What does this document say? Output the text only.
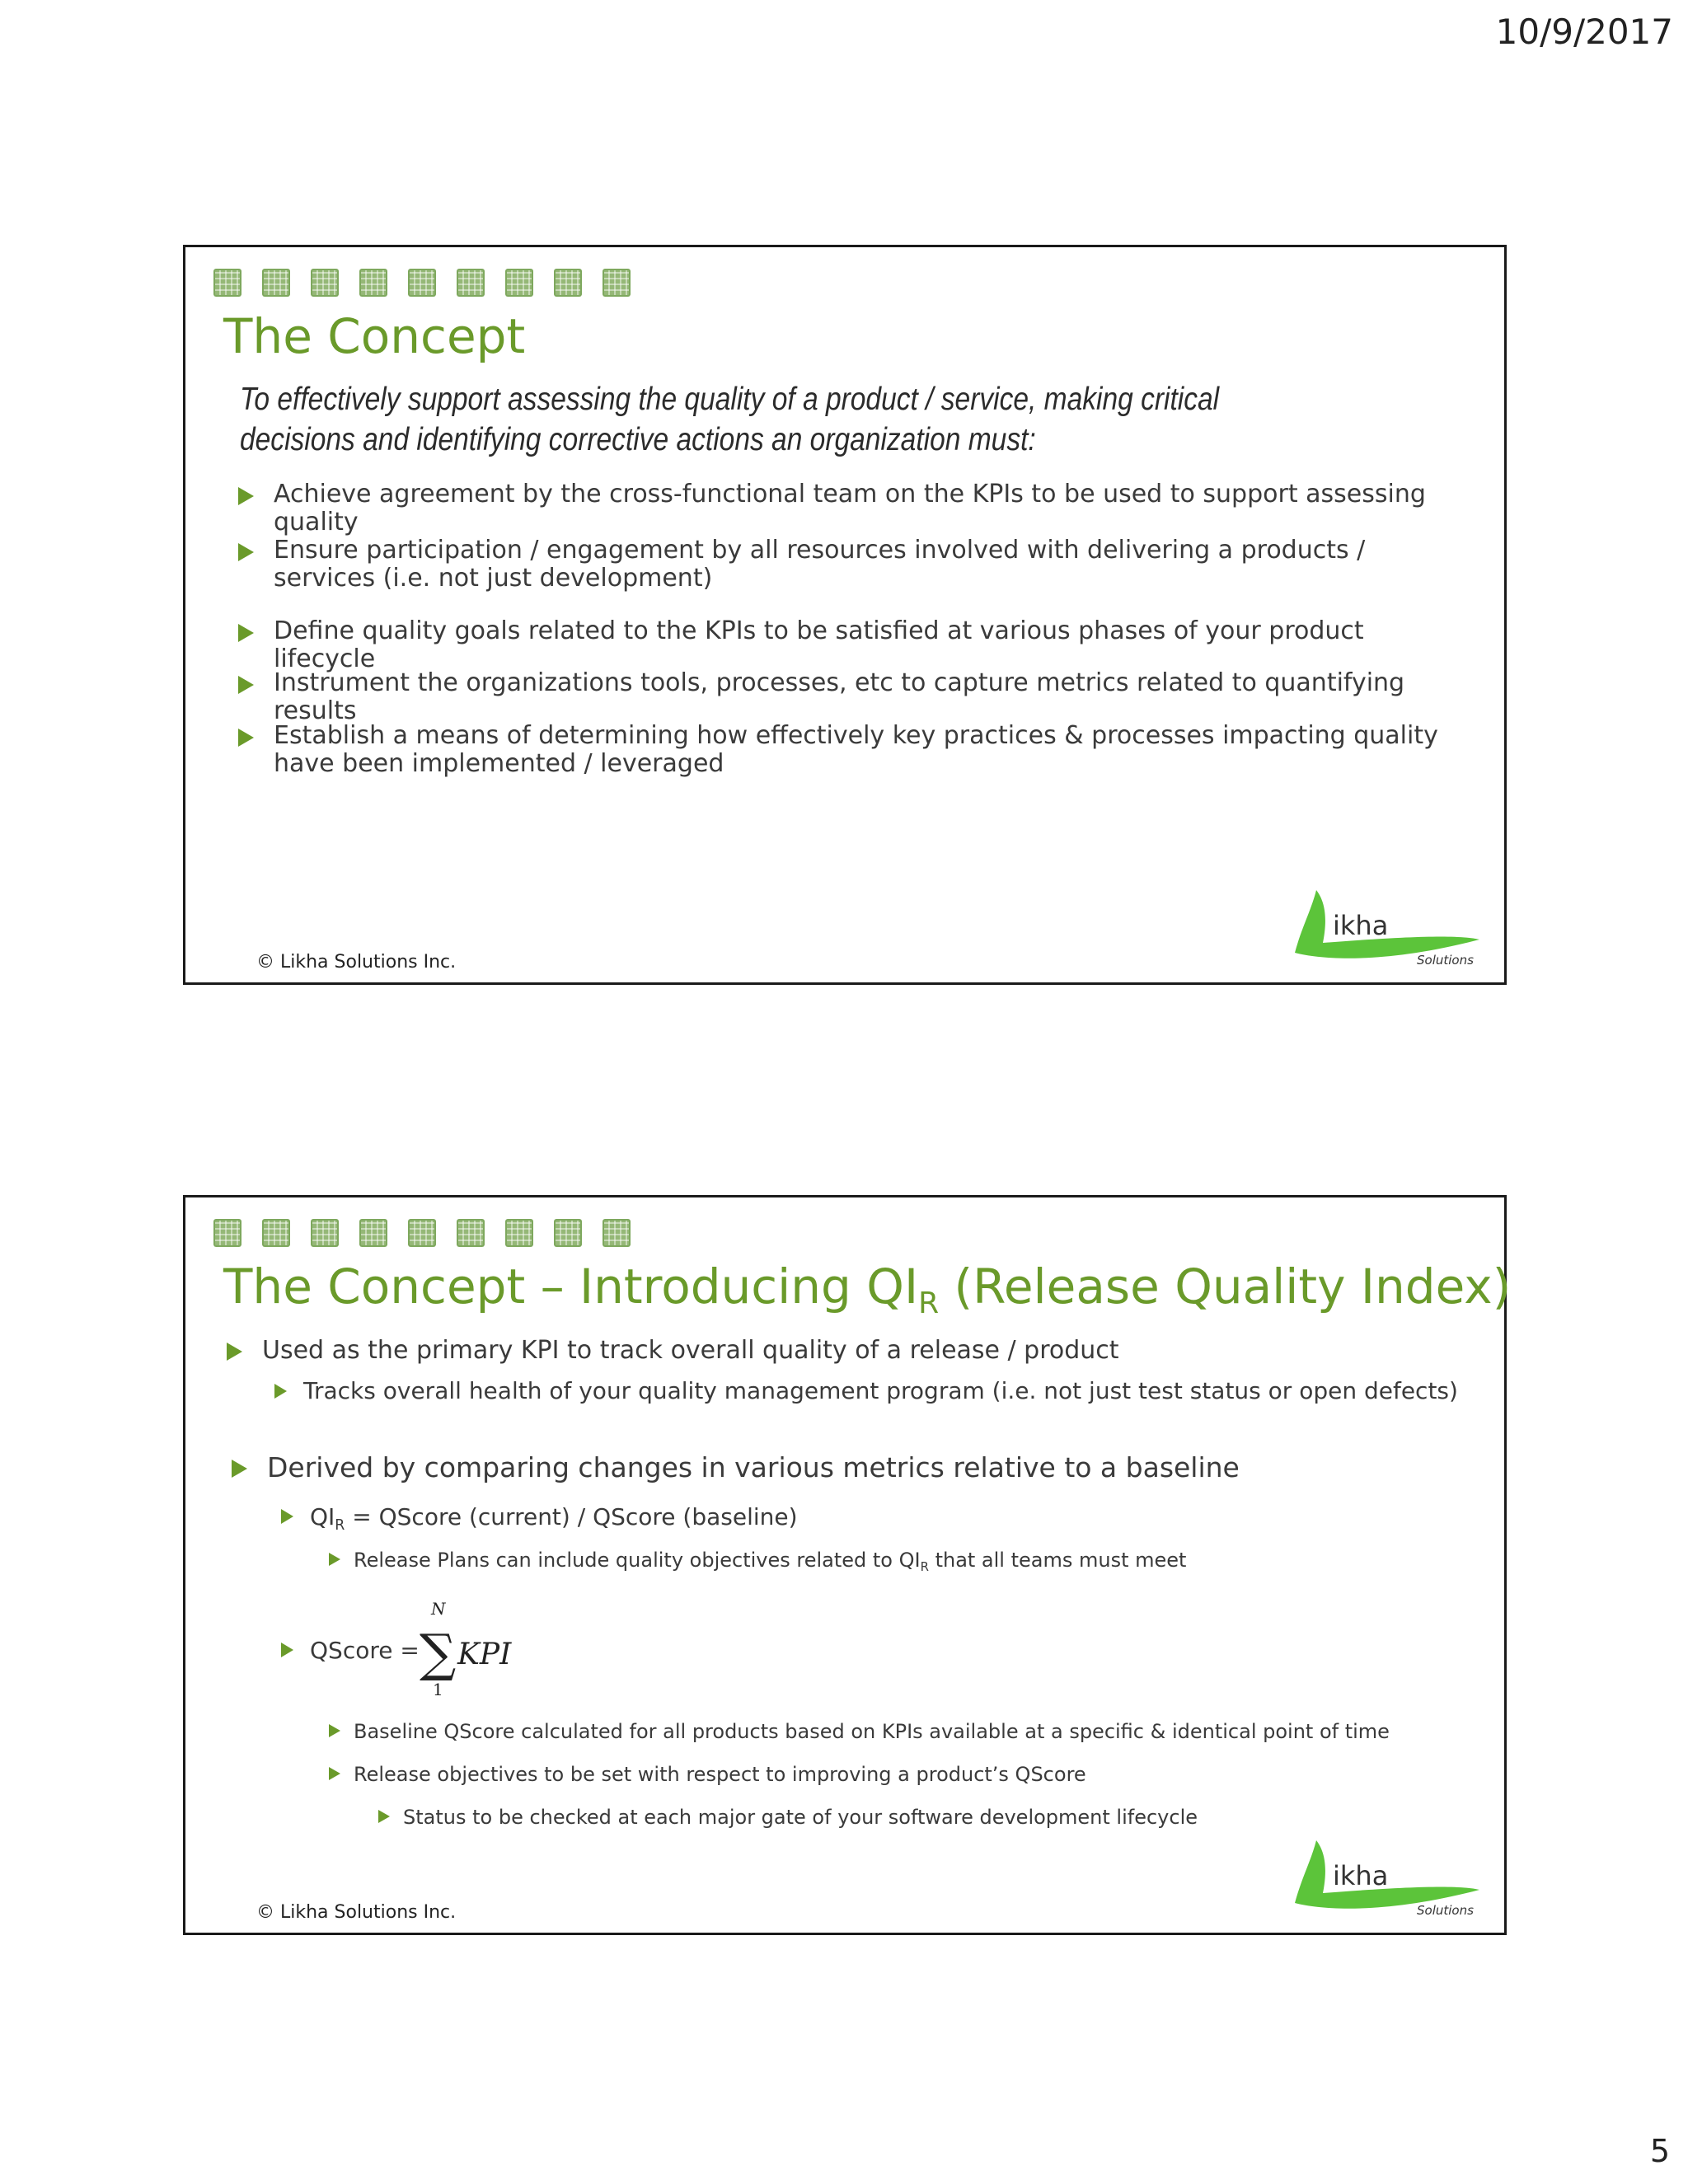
10/9/2017
The Concept
To effectively support assessing the quality of a product / service, making critical decisions and identifying corrective actions an organization must:
Achieve agreement by the cross-functional team on the KPIs to be used to support assessing quality
Ensure participation / engagement by all resources involved with delivering a products / services (i.e. not just development)
Define quality goals related to the KPIs to be satisfied at various phases of your product lifecycle
Instrument the organizations tools, processes, etc to capture metrics related to quantifying results
Establish a means of determining how effectively key practices & processes impacting quality have been implemented / leveraged
© Likha Solutions Inc.
ikha
Solutions
The Concept – Introducing $QI_R$ (Release Quality Index)
Used as the primary KPI to track overall quality of a release / product
Tracks overall health of your quality management program (i.e. not just test status or open defects)
Derived by comparing changes in various metrics relative to a baseline
$QI_R$ = QScore (current) / QScore (baseline)
Release Plans can include quality objectives related to $QI_R$ that all teams must meet
QScore =
N
∑ KPI
1
Baseline QScore calculated for all products based on KPIs available at a specific & identical point of time
Release objectives to be set with respect to improving a product’s QScore
Status to be checked at each major gate of your software development lifecycle
© Likha Solutions Inc.
ikha
Solutions
5
